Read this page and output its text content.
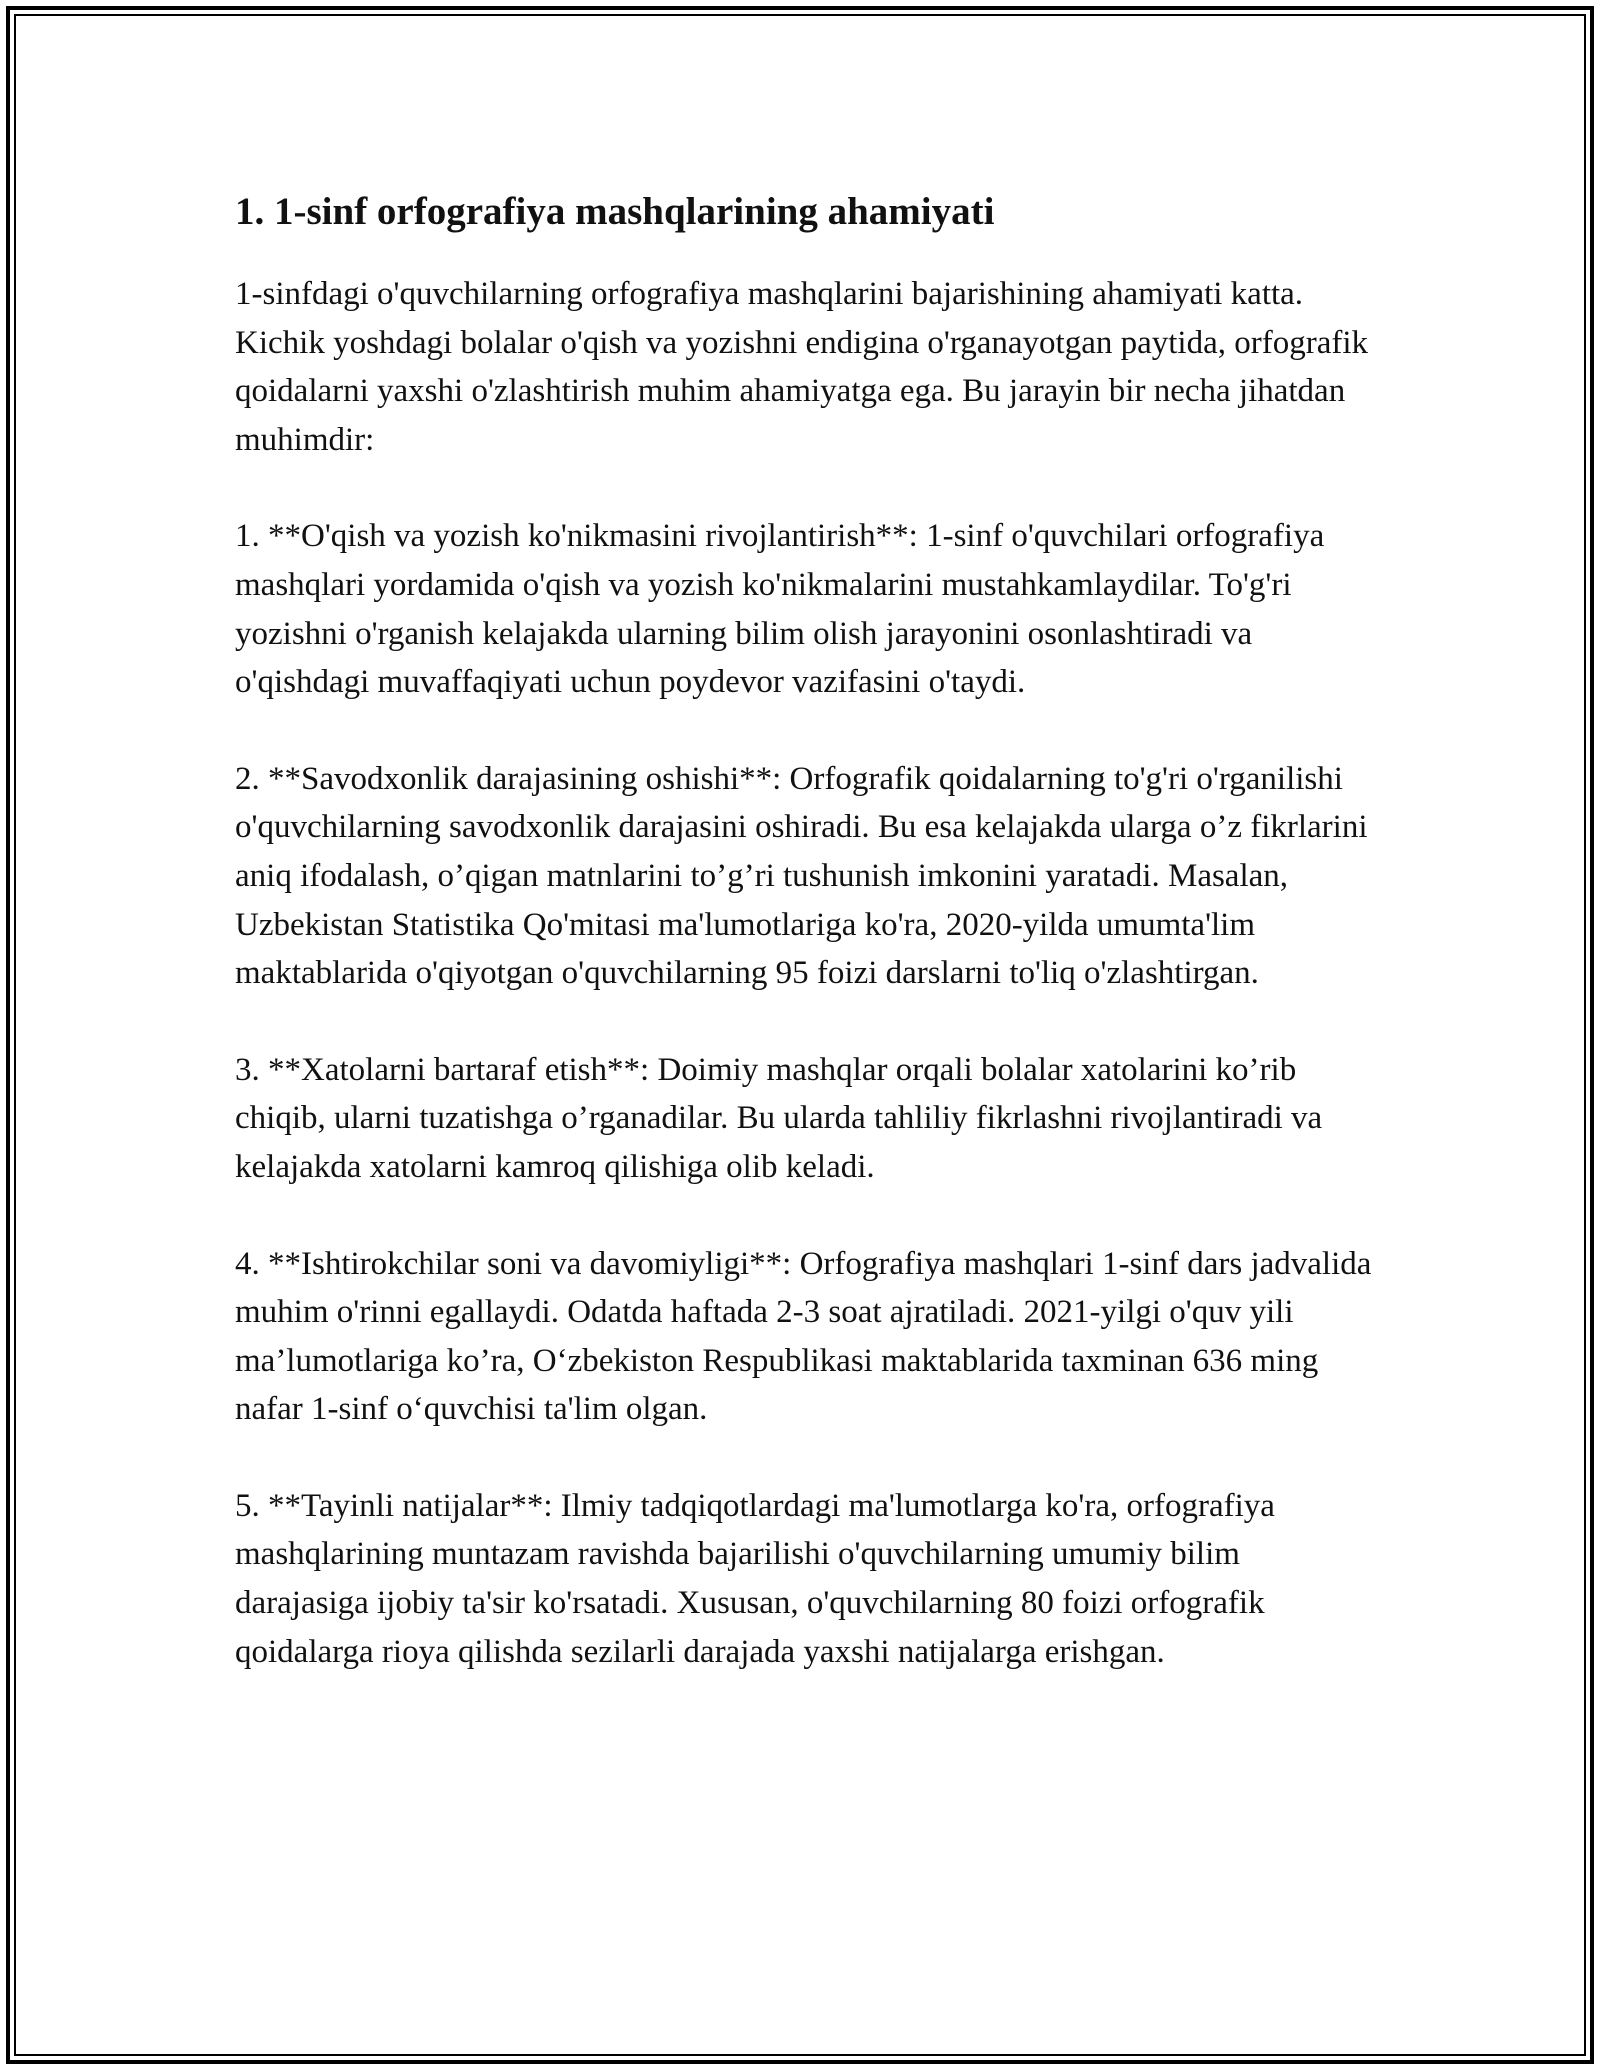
1. 1-sinf orfografiya mashqlarining ahamiyati

1-sinfdagi o'quvchilarning orfografiya mashqlarini bajarishining ahamiyati katta. Kichik yoshdagi bolalar o'qish va yozishni endigina o'rganayotgan paytida, orfografik qoidalarni yaxshi o'zlashtirish muhim ahamiyatga ega. Bu jarayin bir necha jihatdan muhimdir:

1. **O'qish va yozish ko'nikmasini rivojlantirish**: 1-sinf o'quvchilari orfografiya mashqlari yordamida o'qish va yozish ko'nikmalarini mustahkamlaydilar. To'g'ri yozishni o'rganish kelajakda ularning bilim olish jarayonini osonlashtiradi va o'qishdagi muvaffaqiyati uchun poydevor vazifasini o'taydi.

2. **Savodxonlik darajasining oshishi**: Orfografik qoidalarning to'g'ri o'rganilishi o'quvchilarning savodxonlik darajasini oshiradi. Bu esa kelajakda ularga o’z fikrlarini aniq ifodalash, o’qigan matnlarini to’g’ri tushunish imkonini yaratadi. Masalan, Uzbekistan Statistika Qo'mitasi ma'lumotlariga ko'ra, 2020-yilda umumta'lim maktablarida o'qiyotgan o'quvchilarning 95 foizi darslarni to'liq o'zlashtirgan.

3. **Xatolarni bartaraf etish**: Doimiy mashqlar orqali bolalar xatolarini ko’rib chiqib, ularni tuzatishga o’rganadilar. Bu ularda tahliliy fikrlashni rivojlantiradi va kelajakda xatolarni kamroq qilishiga olib keladi.

4. **Ishtirokchilar soni va davomiyligi**: Orfografiya mashqlari 1-sinf dars jadvalida muhim o'rinni egallaydi. Odatda haftada 2-3 soat ajratiladi. 2021-yilgi o'quv yili ma’lumotlariga ko’ra, O‘zbekiston Respublikasi maktablarida taxminan 636 ming nafar 1-sinf o‘quvchisi ta'lim olgan.

5. **Tayinli natijalar**: Ilmiy tadqiqotlardagi ma'lumotlarga ko'ra, orfografiya mashqlarining muntazam ravishda bajarilishi o'quvchilarning umumiy bilim darajasiga ijobiy ta'sir ko'rsatadi. Xususan, o'quvchilarning 80 foizi orfografik qoidalarga rioya qilishda sezilarli darajada yaxshi natijalarga erishgan.
